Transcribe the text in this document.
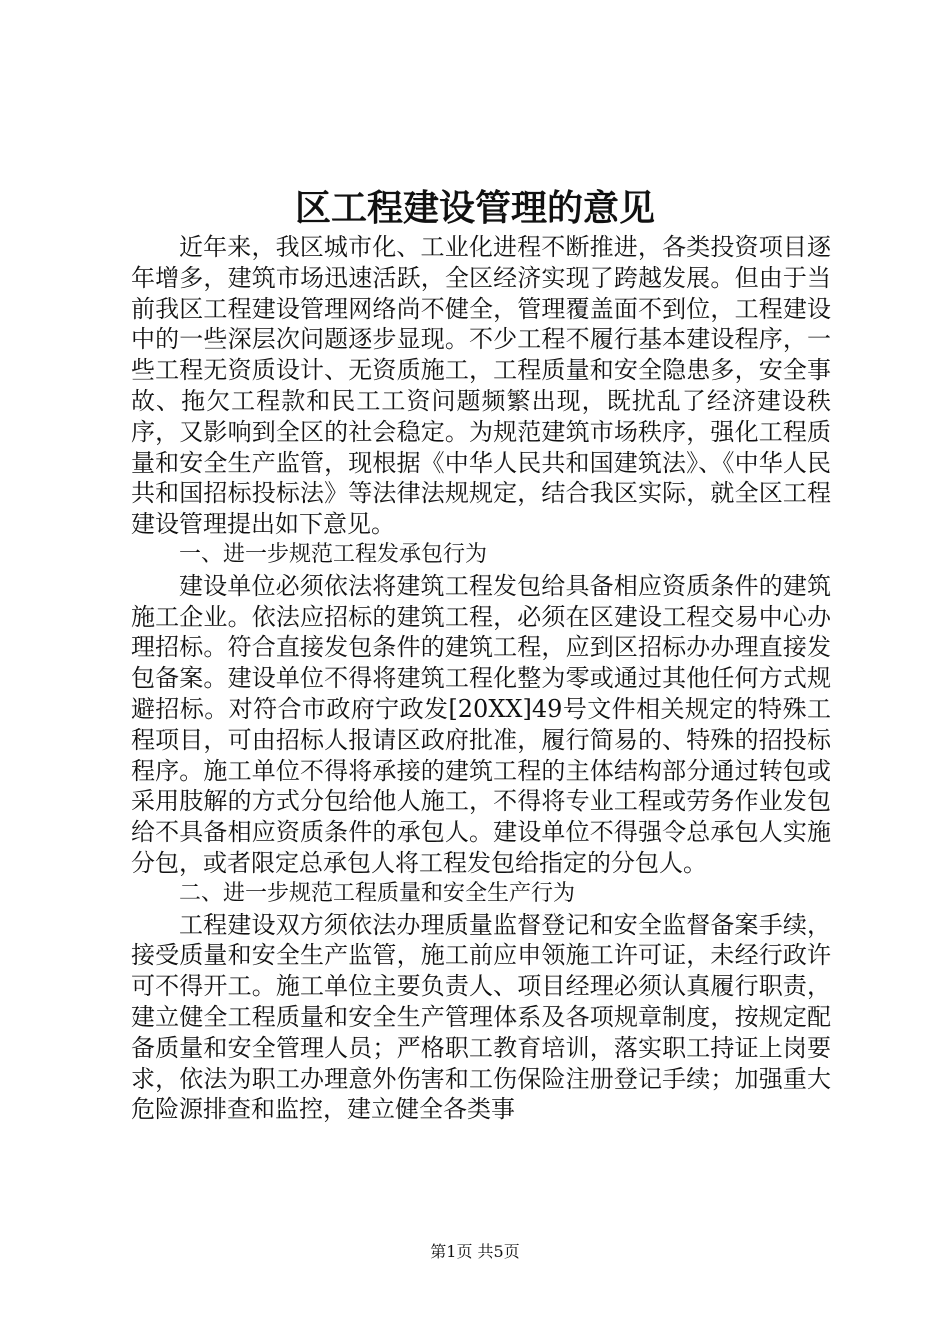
区工程建设管理的意见

近年来，我区城市化、工业化进程不断推进，各类投资项目逐年增多，建筑市场迅速活跃，全区经济实现了跨越发展。但由于当前我区工程建设管理网络尚不健全，管理覆盖面不到位，工程建设中的一些深层次问题逐步显现。不少工程不履行基本建设程序，一些工程无资质设计、无资质施工，工程质量和安全隐患多，安全事故、拖欠工程款和民工工资问题频繁出现，既扰乱了经济建设秩序，又影响到全区的社会稳定。为规范建筑市场秩序，强化工程质量和安全生产监管，现根据《中华人民共和国建筑法》、《中华人民共和国招标投标法》等法律法规规定，结合我区实际，就全区工程建设管理提出如下意见。

一、进一步规范工程发承包行为

建设单位必须依法将建筑工程发包给具备相应资质条件的建筑施工企业。依法应招标的建筑工程，必须在区建设工程交易中心办理招标。符合直接发包条件的建筑工程，应到区招标办办理直接发包备案。建设单位不得将建筑工程化整为零或通过其他任何方式规避招标。对符合市政府宁政发[20XX]49号文件相关规定的特殊工程项目，可由招标人报请区政府批准，履行简易的、特殊的招投标程序。施工单位不得将承接的建筑工程的主体结构部分通过转包或采用肢解的方式分包给他人施工，不得将专业工程或劳务作业发包给不具备相应资质条件的承包人。建设单位不得强令总承包人实施分包，或者限定总承包人将工程发包给指定的分包人。

二、进一步规范工程质量和安全生产行为

工程建设双方须依法办理质量监督登记和安全监督备案手续，接受质量和安全生产监管，施工前应申领施工许可证，未经行政许可不得开工。施工单位主要负责人、项目经理必须认真履行职责，建立健全工程质量和安全生产管理体系及各项规章制度，按规定配备质量和安全管理人员；严格职工教育培训，落实职工持证上岗要求，依法为职工办理意外伤害和工伤保险注册登记手续；加强重大危险源排查和监控，建立健全各类事

第1页 共5页
